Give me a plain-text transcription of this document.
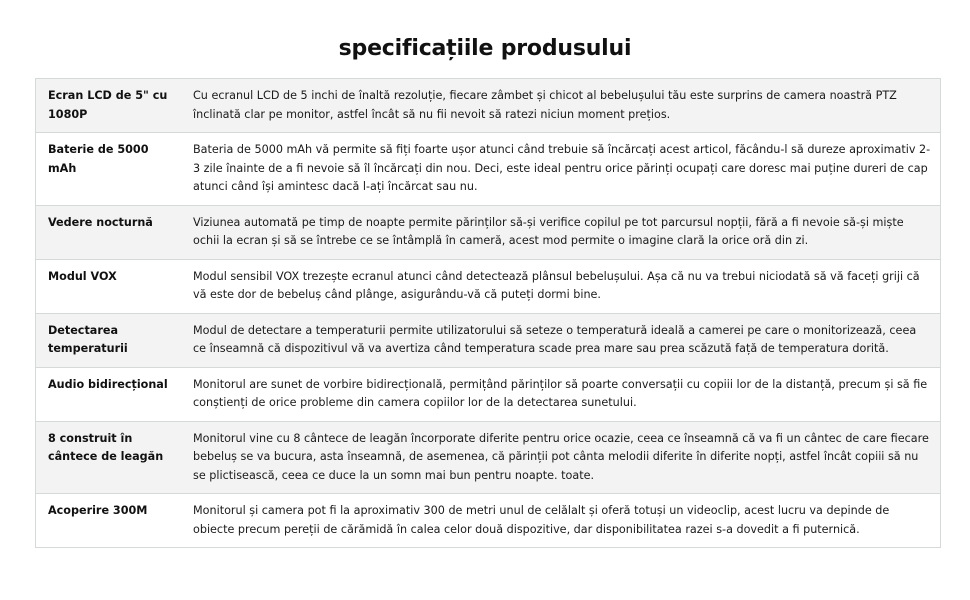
specificațiile produsului
Ecran LCD de 5" cu 1080P	Cu ecranul LCD de 5 inchi de înaltă rezoluție, fiecare zâmbet și chicot al bebelușului tău este surprins de camera noastră PTZ înclinată clar pe monitor, astfel încât să nu fii nevoit să ratezi niciun moment prețios.
Baterie de 5000 mAh	Bateria de 5000 mAh vă permite să fiți foarte ușor atunci când trebuie să încărcați acest articol, făcându-l să dureze aproximativ 2-3 zile înainte de a fi nevoie să îl încărcați din nou. Deci, este ideal pentru orice părinți ocupați care doresc mai puține dureri de cap atunci când își amintesc dacă l-ați încărcat sau nu.
Vedere nocturnă	Viziunea automată pe timp de noapte permite părinților să-și verifice copilul pe tot parcursul nopții, fără a fi nevoie să-și miște ochii la ecran și să se întrebe ce se întâmplă în cameră, acest mod permite o imagine clară la orice oră din zi.
Modul VOX	Modul sensibil VOX trezește ecranul atunci când detectează plânsul bebelușului. Așa că nu va trebui niciodată să vă faceți griji că vă este dor de bebeluș când plânge, asigurându-vă că puteți dormi bine.
Detectarea temperaturii	Modul de detectare a temperaturii permite utilizatorului să seteze o temperatură ideală a camerei pe care o monitorizează, ceea ce înseamnă că dispozitivul vă va avertiza când temperatura scade prea mare sau prea scăzută față de temperatura dorită.
Audio bidirecțional	Monitorul are sunet de vorbire bidirecțională, permițând părinților să poarte conversații cu copiii lor de la distanță, precum și să fie conștienți de orice probleme din camera copiilor lor de la detectarea sunetului.
8 construit în cântece de leagăn	Monitorul vine cu 8 cântece de leagăn încorporate diferite pentru orice ocazie, ceea ce înseamnă că va fi un cântec de care fiecare bebeluș se va bucura, asta înseamnă, de asemenea, că părinții pot cânta melodii diferite în diferite nopți, astfel încât copiii să nu se plictisească, ceea ce duce la un somn mai bun pentru noapte. toate.
Acoperire 300M	Monitorul și camera pot fi la aproximativ 300 de metri unul de celălalt și oferă totuși un videoclip, acest lucru va depinde de obiecte precum pereții de cărămidă în calea celor două dispozitive, dar disponibilitatea razei s-a dovedit a fi puternică.
